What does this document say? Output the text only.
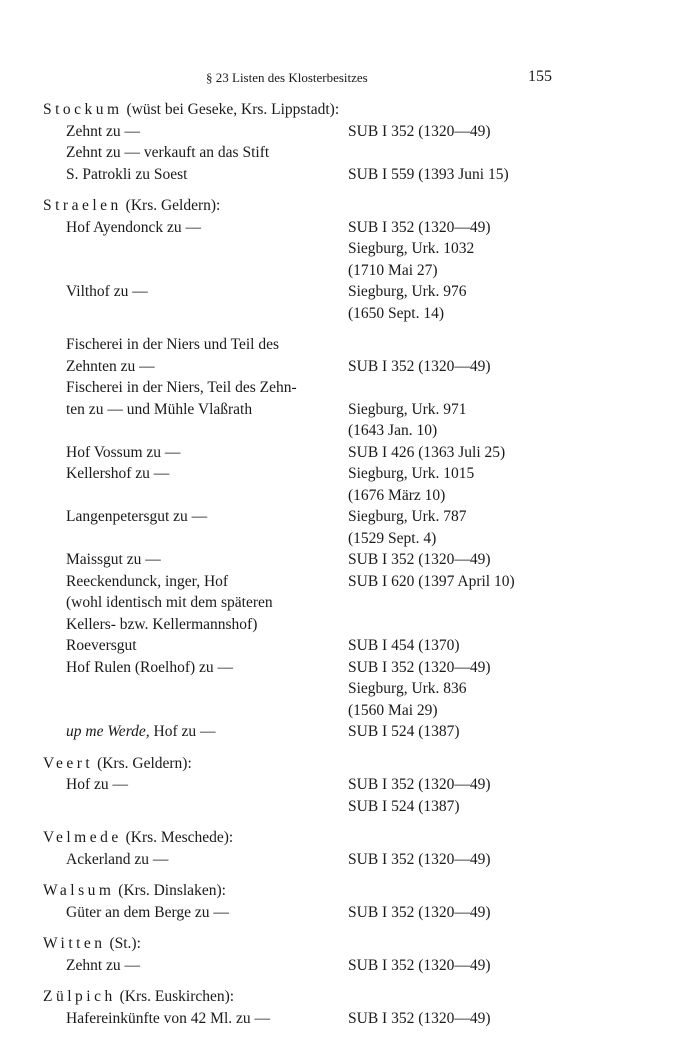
§ 23 Listen des Klosterbesitzes	155
Stockum (wüst bei Geseke, Krs. Lippstadt):
Zehnt zu —	SUB I 352 (1320—49)
Zehnt zu — verkauft an das Stift
S. Patrokli zu Soest	SUB I 559 (1393 Juni 15)
Straelen (Krs. Geldern):
Hof Ayendonck zu —	SUB I 352 (1320—49)
Siegburg, Urk. 1032
(1710 Mai 27)
Vilthof zu —	Siegburg, Urk. 976
(1650 Sept. 14)
Fischerei in der Niers und Teil des
Zehnten zu —	SUB I 352 (1320—49)
Fischerei in der Niers, Teil des Zehn-
ten zu — und Mühle Vlaßrath	Siegburg, Urk. 971
(1643 Jan. 10)
Hof Vossum zu —	SUB I 426 (1363 Juli 25)
Kellershof zu —	Siegburg, Urk. 1015
(1676 März 10)
Langenpetersgut zu —	Siegburg, Urk. 787
(1529 Sept. 4)
Maissgut zu —	SUB I 352 (1320—49)
Reeckendunck, inger, Hof	SUB I 620 (1397 April 10)
(wohl identisch mit dem späteren
Kellers- bzw. Kellermannshof)
Roeversgut	SUB I 454 (1370)
Hof Rulen (Roelhof) zu —	SUB I 352 (1320—49)
Siegburg, Urk. 836
(1560 Mai 29)
up me Werde, Hof zu —	SUB I 524 (1387)
Veert (Krs. Geldern):
Hof zu —	SUB I 352 (1320—49)
SUB I 524 (1387)
Velmede (Krs. Meschede):
Ackerland zu —	SUB I 352 (1320—49)
Walsum (Krs. Dinslaken):
Güter an dem Berge zu —	SUB I 352 (1320—49)
Witten (St.):
Zehnt zu —	SUB I 352 (1320—49)
Zülpich (Krs. Euskirchen):
Hafereinkünfte von 42 Ml. zu —	SUB I 352 (1320—49)
